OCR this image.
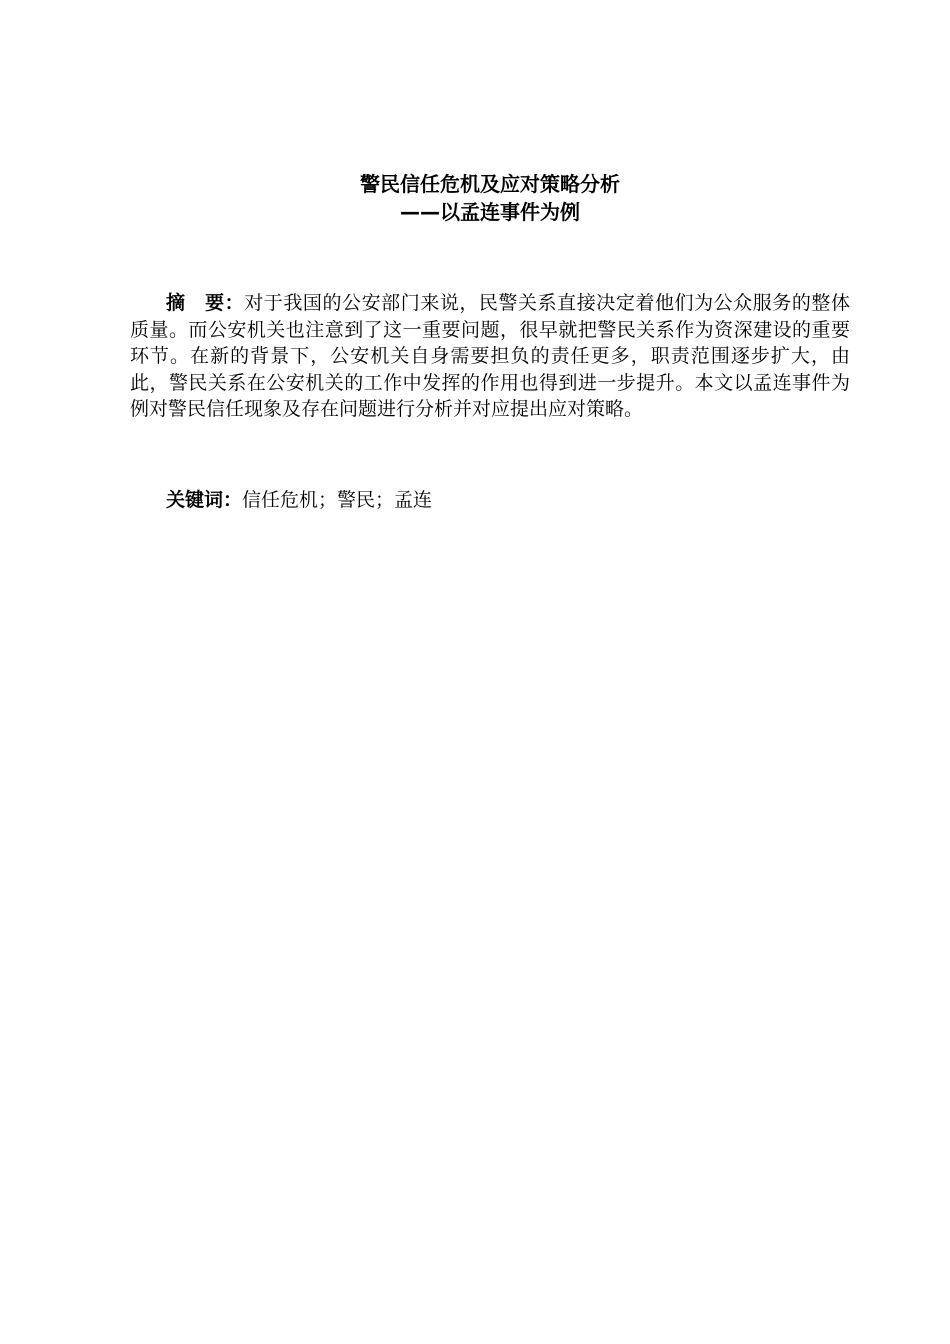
警民信任危机及应对策略分析
——以孟连事件为例
摘　要：对于我国的公安部门来说，民警关系直接决定着他们为公众服务的整体质量。而公安机关也注意到了这一重要问题，很早就把警民关系作为资深建设的重要环节。在新的背景下，公安机关自身需要担负的责任更多，职责范围逐步扩大，由此，警民关系在公安机关的工作中发挥的作用也得到进一步提升。本文以孟连事件为例对警民信任现象及存在问题进行分析并对应提出应对策略。
关键词：信任危机；警民；孟连
